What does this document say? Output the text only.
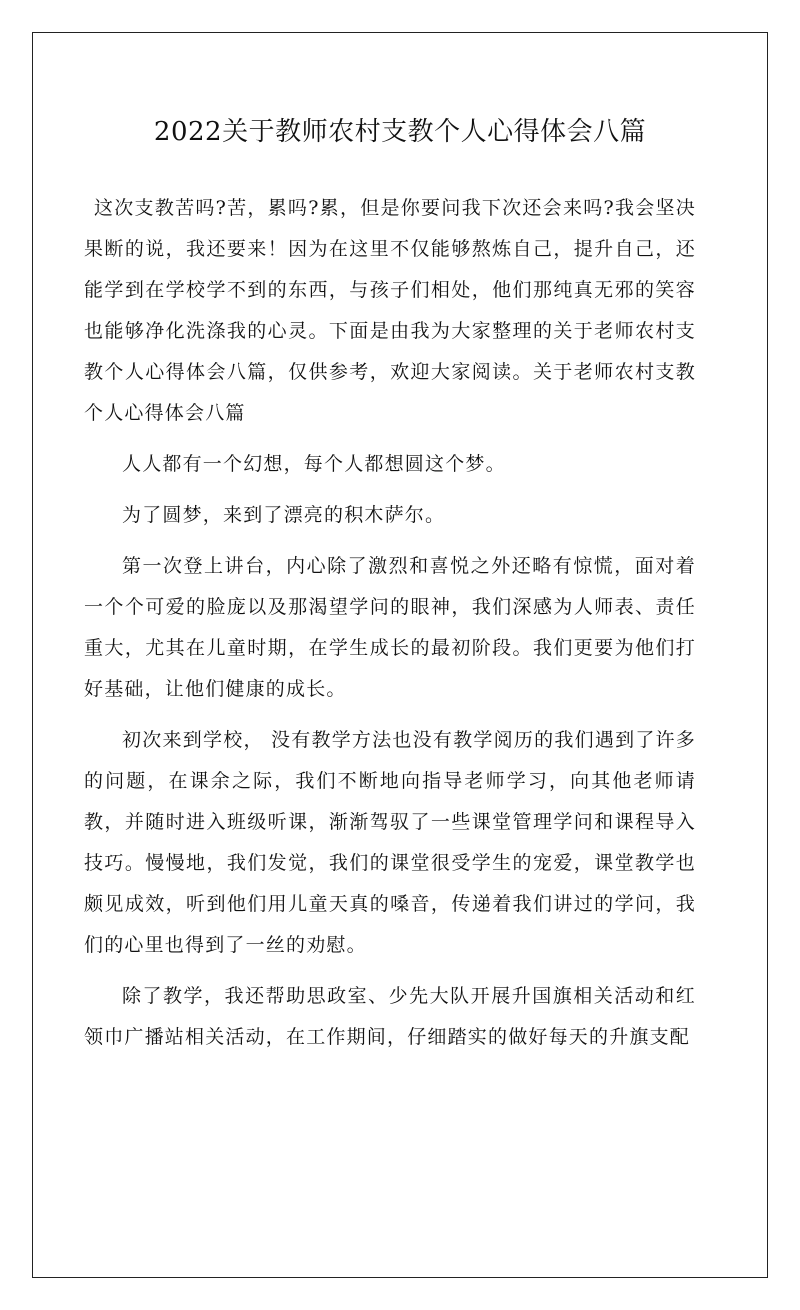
2022关于教师农村支教个人心得体会八篇

这次支教苦吗?苦，累吗?累，但是你要问我下次还会来吗?我会坚决果断的说，我还要来！因为在这里不仅能够熬炼自己，提升自己，还能学到在学校学不到的东西，与孩子们相处，他们那纯真无邪的笑容也能够净化洗涤我的心灵。下面是由我为大家整理的关于老师农村支教个人心得体会八篇，仅供参考，欢迎大家阅读。关于老师农村支教个人心得体会八篇

人人都有一个幻想，每个人都想圆这个梦。

为了圆梦，来到了漂亮的积木萨尔。

第一次登上讲台，内心除了激烈和喜悦之外还略有惊慌，面对着一个个可爱的脸庞以及那渴望学问的眼神，我们深感为人师表、责任重大，尤其在儿童时期，在学生成长的最初阶段。我们更要为他们打好基础，让他们健康的成长。

初次来到学校， 没有教学方法也没有教学阅历的我们遇到了许多的问题，在课余之际，我们不断地向指导老师学习，向其他老师请教，并随时进入班级听课，渐渐驾驭了一些课堂管理学问和课程导入技巧。慢慢地，我们发觉，我们的课堂很受学生的宠爱，课堂教学也颇见成效，听到他们用儿童天真的嗓音，传递着我们讲过的学问，我们的心里也得到了一丝的劝慰。

除了教学，我还帮助思政室、少先大队开展升国旗相关活动和红领巾广播站相关活动，在工作期间，仔细踏实的做好每天的升旗支配
